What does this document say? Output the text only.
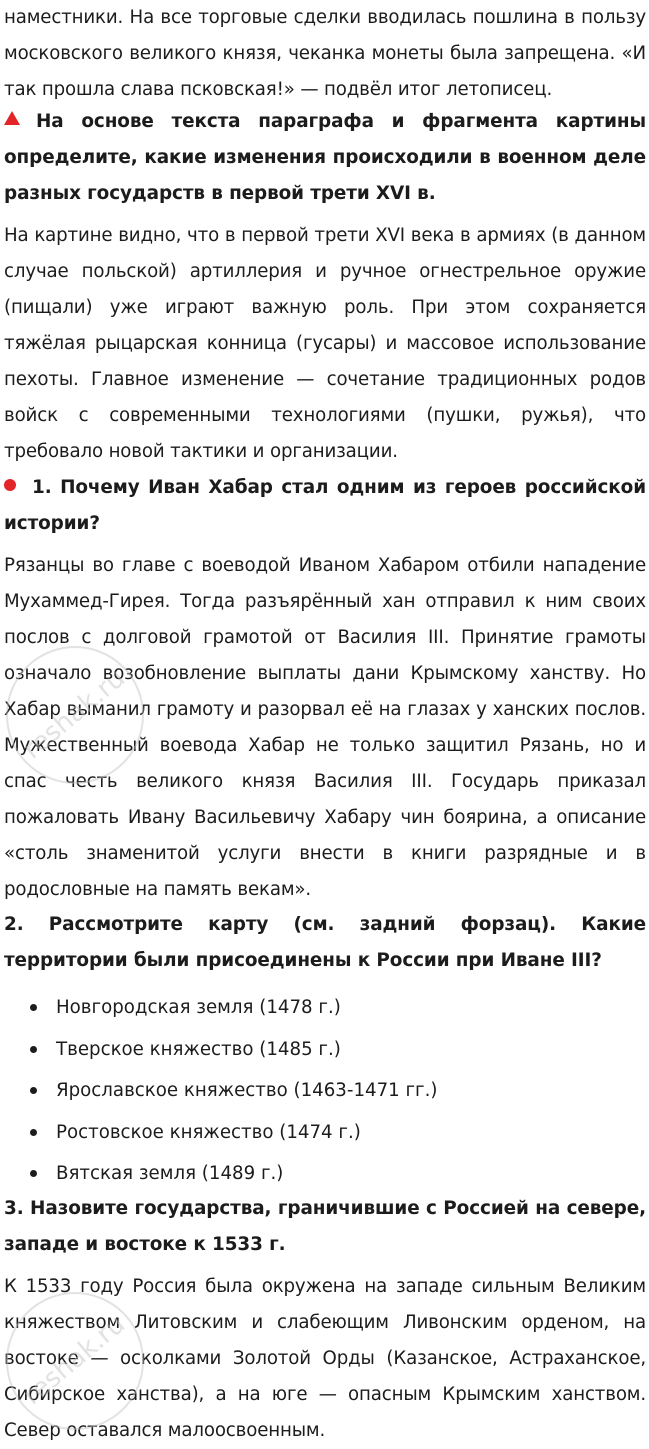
наместники. На все торговые сделки вводилась пошлина в пользу московского великого князя, чеканка монеты была запрещена. «И так прошла слава псковская!» — подвёл итог летописец.

На основе текста параграфа и фрагмента картины определите, какие изменения происходили в военном деле разных государств в первой трети XVI в.

На картине видно, что в первой трети XVI века в армиях (в данном случае польской) артиллерия и ручное огнестрельное оружие (пищали) уже играют важную роль. При этом сохраняется тяжёлая рыцарская конница (гусары) и массовое использование пехоты. Главное изменение — сочетание традиционных родов войск с современными технологиями (пушки, ружья), что требовало новой тактики и организации.

1. Почему Иван Хабар стал одним из героев российской истории?

Рязанцы во главе с воеводой Иваном Хабаром отбили нападение Мухаммед-Гирея. Тогда разъярённый хан отправил к ним своих послов с долговой грамотой от Василия III. Принятие грамоты означало возобновление выплаты дани Крымскому ханству. Но Хабар выманил грамоту и разорвал её на глазах у ханских послов. Мужественный воевода Хабар не только защитил Рязань, но и спас честь великого князя Василия III. Государь приказал пожаловать Ивану Васильевичу Хабару чин боярина, а описание «столь знаменитой услуги внести в книги разрядные и в родословные на память векам».

2. Рассмотрите карту (см. задний форзац). Какие территории были присоединены к России при Иване III?

Новгородская земля (1478 г.)
Тверское княжество (1485 г.)
Ярославское княжество (1463-1471 гг.)
Ростовское княжество (1474 г.)
Вятская земля (1489 г.)

3. Назовите государства, граничившие с Россией на севере, западе и востоке к 1533 г.

К 1533 году Россия была окружена на западе сильным Великим княжеством Литовским и слабеющим Ливонским орденом, на востоке — осколками Золотой Орды (Казанское, Астраханское, Сибирское ханства), а на юге — опасным Крымским ханством. Север оставался малоосвоенным.

reshak.ru
reshak.ru
